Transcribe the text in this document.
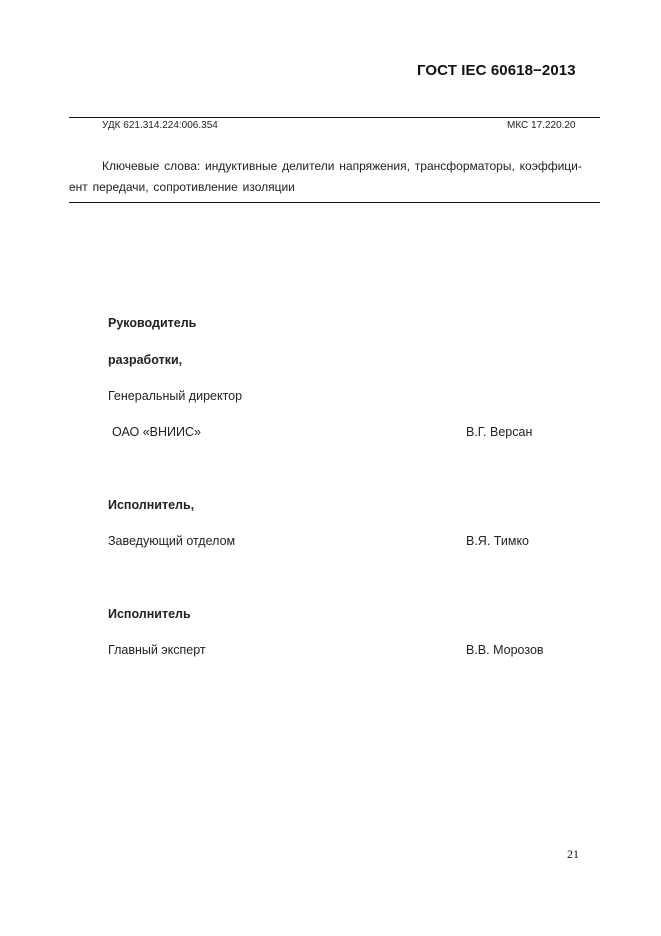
ГОСТ IEC 60618−2013
УДК 621.314.224:006.354	МКС 17.220.20
Ключевые слова: индуктивные делители напряжения, трансформаторы, коэффици-
ент передачи, сопротивление изоляции
Руководитель
разработки,
Генеральный директор
ОАО «ВНИИС»	В.Г. Версан
Исполнитель,
Заведующий отделом	В.Я. Тимко
Исполнитель
Главный эксперт	В.В. Морозов
21
